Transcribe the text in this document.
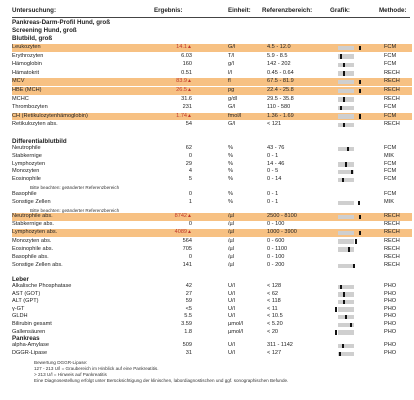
Untersuchung:	Ergebnis:	Einheit: Referenzbereich:	Grafik:	Methode:
Pankreas-Darm-Profil Hund, groß
Screening Hund, groß
Blutbild, groß
Leukozyten	14.1▲	G/l	4.5 - 12.0	FCM
Erythrozyten	6.03	T/l	5.9 - 8.5	FCM
Hämoglobin	160	g/l	142 - 202	FCM
Hämatokrit	0.51	l/l	0.45 - 0.64	RECH
MCV	83.9▲	fl	67.5 - 81.9	RECH
HBE (MCH)	26.5▲	pg	22.4 - 25.8	RECH
MCHC	31.6	g/dl	29.5 - 35.8	RECH
Thrombozyten	231	G/l	110 - 580	FCM
CH (Retikulozytenhämoglobin)	1.74▲	fmol/l	1.36 - 1.69	FCM
Retikulozyten abs.	54	G/l	< 121	RECH
Neutrophile	62	%	43 - 76	FCM
Stabkernige	0	%	0 - 1	MIK
Lymphozyten	29	%	14 - 46	FCM
Monozyten	4	%	0 - 5	FCM
Eosinophile	5	%	0 - 14	FCM
Basophile	0	%	0 - 1	FCM
Sonstige Zellen	1	%	0 - 1	MIK
Neutrophile abs.	8742▲	/µl	2500 - 8100	RECH
Stabkernige abs.	0	/µl	0 - 100	RECH
Lymphozyten abs.	4089▲	/µl	1000 - 3900	RECH
Monozyten abs.	564	/µl	0 - 600	RECH
Eosinophile abs.	705	/µl	0 - 1100	RECH
Basophile abs.	0	/µl	0 - 100	RECH
Sonstige Zellen abs.	141	/µl	0 - 200	RECH
Alkalische Phosphatase	42	U/l	< 128	PHO
AST (GOT)	27	U/l	< 62	PHO
ALT (GPT)	59	U/l	< 118	PHO
γ-GT	<5	U/l	< 11	PHO
GLDH	5.5	U/l	< 10.5	PHO
Bilirubin gesamt	3.59	µmol/l	< 5.20	PHO
Gallensäuren	1.8	µmol/l	< 20	PHO
alpha-Amylase	509	U/l	311 - 1142	PHO
DGGR-Lipase	31	U/l	< 127	PHO
Differentialblutbild
Bitte beachten: geänderter Referenzbereich
Bitte beachten: geänderter Referenzbereich
Leber
Pankreas
Bewertung DGGR-Lipase:
127 - 213 U/l = Graubereich im Hinblick auf eine Pankreatitis.
> 213 U/l = Hinweis auf Pankreatitis
Eine Diagnosestellung erfolgt unter Berücksichtigung der klinischen, labordiagnostischen und ggf. sonographischen Befunde.
